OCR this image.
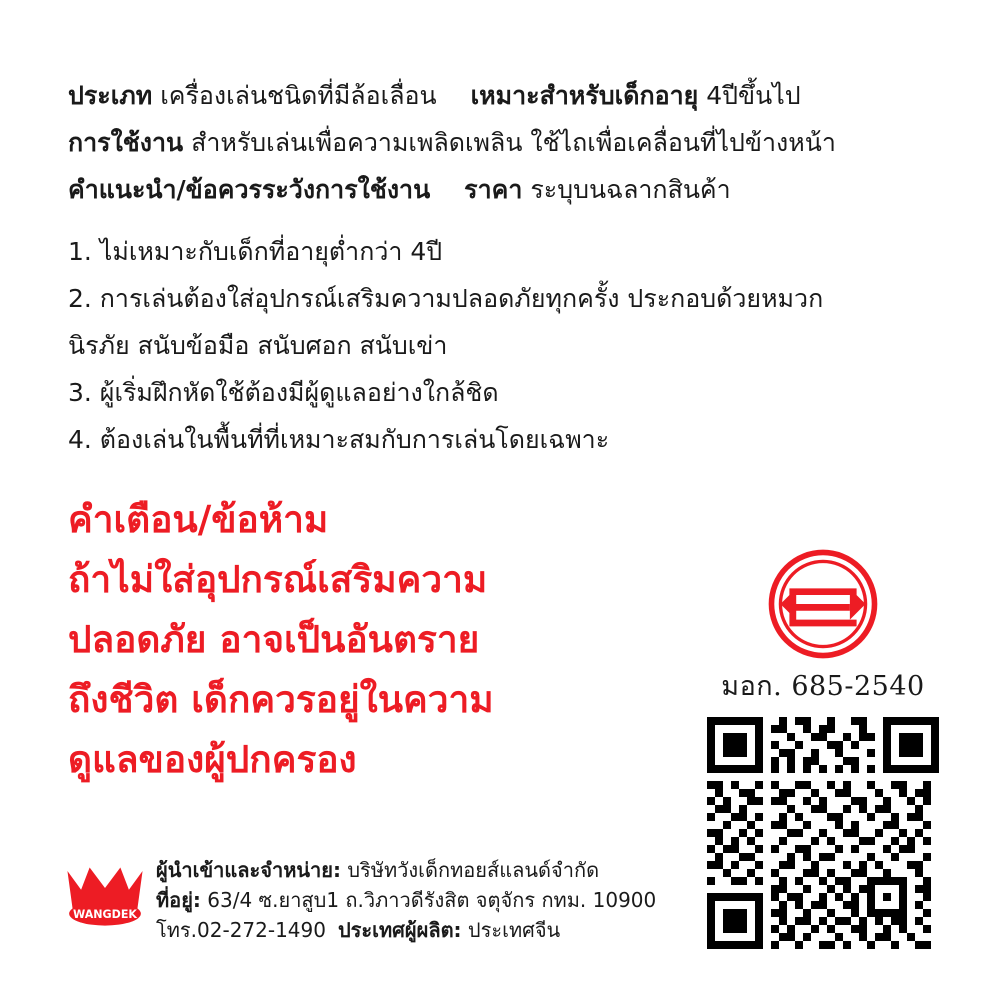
ประเภท เครื่องเล่นชนิดที่มีล้อเลื่อน เหมาะสำหรับเด็กอายุ 4ปีขึ้นไป
การใช้งาน สำหรับเล่นเพื่อความเพลิดเพลิน ใช้ไถเพื่อเคลื่อนที่ไปข้างหน้า
คำแนะนำ/ข้อควรระวังการใช้งาน ราคา ระบุบนฉลากสินค้า
1. ไม่เหมาะกับเด็กที่อายุต่ำกว่า 4ปี
2. การเล่นต้องใส่อุปกรณ์เสริมความปลอดภัยทุกครั้ง ประกอบด้วยหมวก
นิรภัย สนับข้อมือ สนับศอก สนับเข่า
3. ผู้เริ่มฝึกหัดใช้ต้องมีผู้ดูแลอย่างใกล้ชิด
4. ต้องเล่นในพื้นที่ที่เหมาะสมกับการเล่นโดยเฉพาะ
คำเตือน/ข้อห้าม
ถ้าไม่ใส่อุปกรณ์เสริมความ
ปลอดภัย อาจเป็นอันตราย
ถึงชีวิต เด็กควรอยู่ในความ
ดูแลของผู้ปกครอง
มอก. 685-2540
WANGDEK
ผู้นำเข้าและจำหน่าย: บริษัทวังเด็กทอยส์แลนด์จำกัด
ที่อยู่: 63/4 ซ.ยาสูบ1 ถ.วิภาวดีรังสิต จตุจักร กทม. 10900
โทร.02-272-1490 ประเทศผู้ผลิต: ประเทศจีน
